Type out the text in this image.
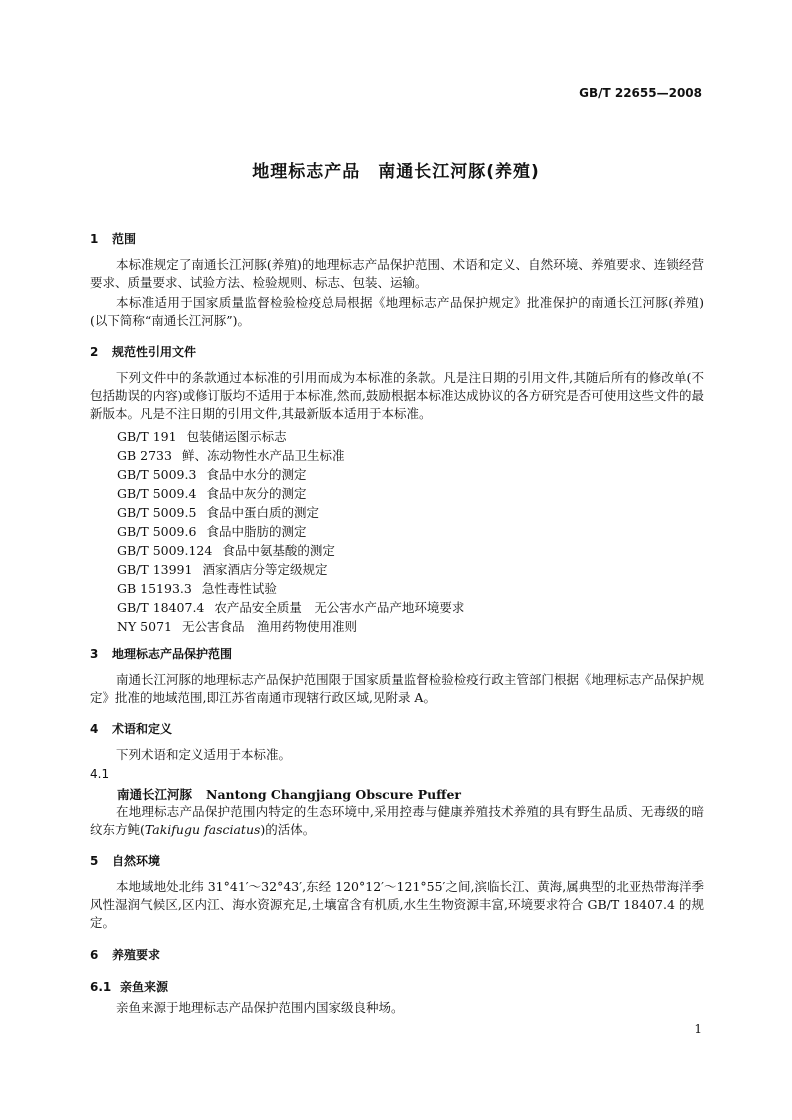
GB/T 22655—2008
地理标志产品　南通长江河豚(养殖)
1 范围
本标准规定了南通长江河豚(养殖)的地理标志产品保护范围、术语和定义、自然环境、养殖要求、连锁经营要求、质量要求、试验方法、检验规则、标志、包装、运输。
本标准适用于国家质量监督检验检疫总局根据《地理标志产品保护规定》批准保护的南通长江河豚(养殖)(以下简称“南通长江河豚”)。
2 规范性引用文件
下列文件中的条款通过本标准的引用而成为本标准的条款。凡是注日期的引用文件,其随后所有的修改单(不包括勘误的内容)或修订版均不适用于本标准,然而,鼓励根据本标准达成协议的各方研究是否可使用这些文件的最新版本。凡是不注日期的引用文件,其最新版本适用于本标准。
GB/T 191 包装储运图示标志
GB 2733 鲜、冻动物性水产品卫生标准
GB/T 5009.3 食品中水分的测定
GB/T 5009.4 食品中灰分的测定
GB/T 5009.5 食品中蛋白质的测定
GB/T 5009.6 食品中脂肪的测定
GB/T 5009.124 食品中氨基酸的测定
GB/T 13991 酒家酒店分等定级规定
GB 15193.3 急性毒性试验
GB/T 18407.4 农产品安全质量　无公害水产品产地环境要求
NY 5071 无公害食品　渔用药物使用准则
3 地理标志产品保护范围
南通长江河豚的地理标志产品保护范围限于国家质量监督检验检疫行政主管部门根据《地理标志产品保护规定》批准的地域范围,即江苏省南通市现辖行政区域,见附录 A。
4 术语和定义
下列术语和定义适用于本标准。
4.1
南通长江河豚 Nantong Changjiang Obscure Puffer
在地理标志产品保护范围内特定的生态环境中,采用控毒与健康养殖技术养殖的具有野生品质、无毒级的暗纹东方鲀(Takifugu fasciatus)的活体。
5 自然环境
本地域地处北纬 31°41′～32°43′,东经 120°12′～121°55′之间,滨临长江、黄海,属典型的北亚热带海洋季风性湿润气候区,区内江、海水资源充足,土壤富含有机质,水生生物资源丰富,环境要求符合 GB/T 18407.4 的规定。
6 养殖要求
6.1 亲鱼来源
亲鱼来源于地理标志产品保护范围内国家级良种场。
1
